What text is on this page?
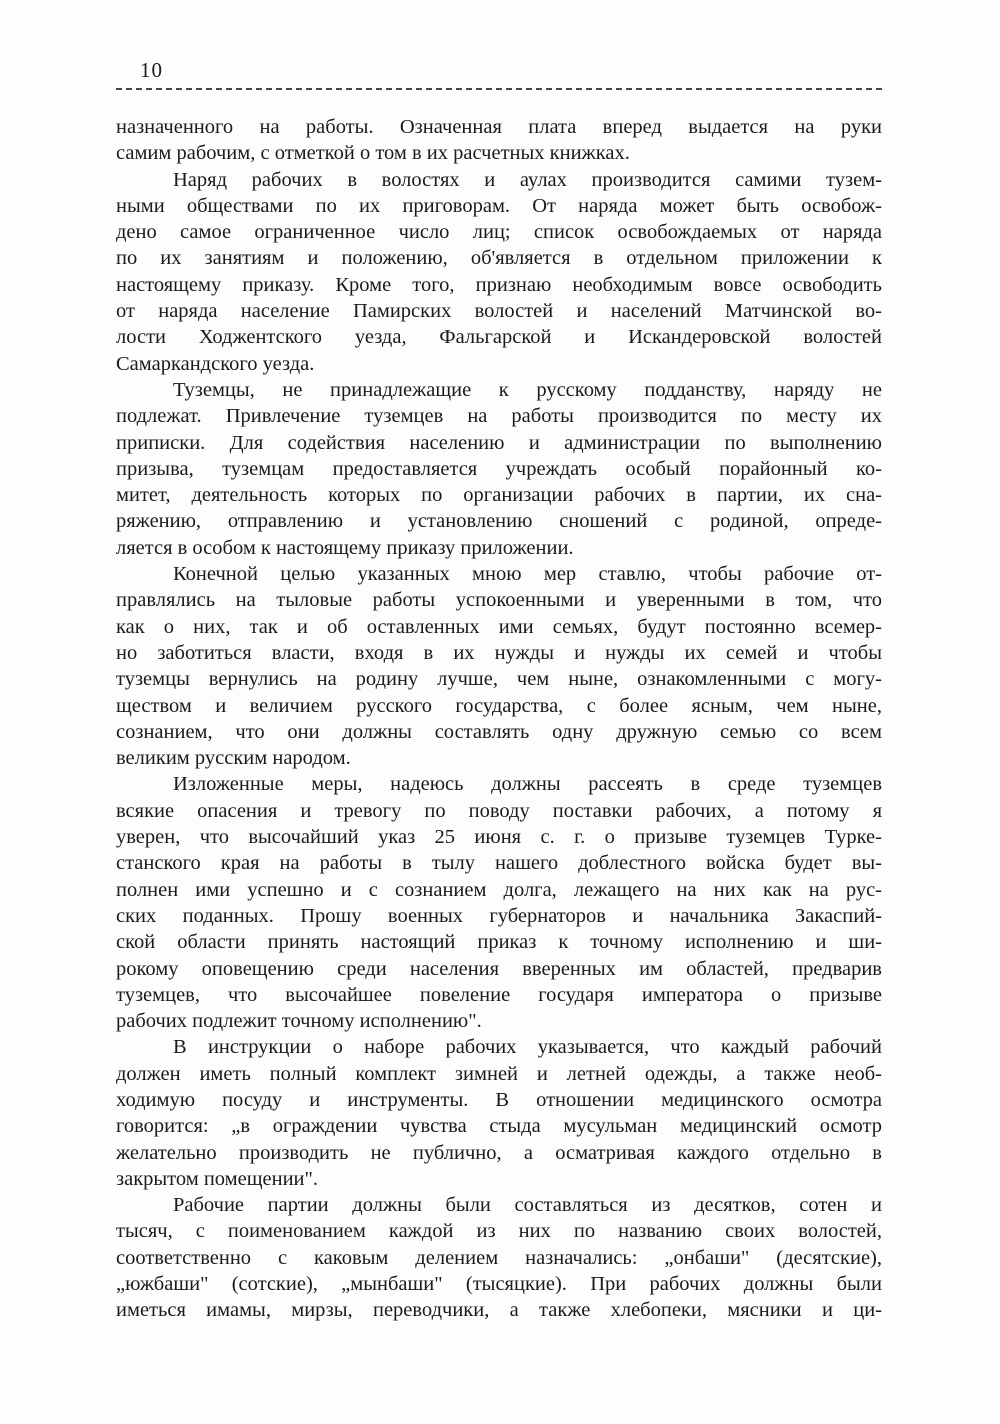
10
назначенного на работы. Означенная плата вперед выдается на руки
самим рабочим, с отметкой о том в их расчетных книжках.
Наряд рабочих в волостях и аулах производится самими тузем-
ными обществами по их приговорам. От наряда может быть освобож-
дено самое ограниченное число лиц; список освобождаемых от наряда
по их занятиям и положению, об'является в отдельном приложении к
настоящему приказу. Кроме того, признаю необходимым вовсе освободить
от наряда население Памирских волостей и населений Матчинской во-
лости Ходжентского уезда, Фальгарской и Искандеровской волостей
Самаркандского уезда.
Туземцы, не принадлежащие к русскому подданству, наряду не
подлежат. Привлечение туземцев на работы производится по месту их
приписки. Для содействия населению и администрации по выполнению
призыва, туземцам предоставляется учреждать особый порайонный ко-
митет, деятельность которых по организации рабочих в партии, их сна-
ряжению, отправлению и установлению сношений с родиной, опреде-
ляется в особом к настоящему приказу приложении.
Конечной целью указанных мною мер ставлю, чтобы рабочие от-
правлялись на тыловые работы успокоенными и уверенными в том, что
как о них, так и об оставленных ими семьях, будут постоянно всемер-
но заботиться власти, входя в их нужды и нужды их семей и чтобы
туземцы вернулись на родину лучше, чем ныне, ознакомленными с могу-
ществом и величием русского государства, с более ясным, чем ныне,
сознанием, что они должны составлять одну дружную семью со всем
великим русским народом.
Изложенные меры, надеюсь должны рассеять в среде туземцев
всякие опасения и тревогу по поводу поставки рабочих, а потому я
уверен, что высочайший указ 25 июня с. г. о призыве туземцев Турке-
станского края на работы в тылу нашего доблестного войска будет вы-
полнен ими успешно и с сознанием долга, лежащего на них как на рус-
ских поданных. Прошу военных губернаторов и начальника Закаспий-
ской области принять настоящий приказ к точному исполнению и ши-
рокому оповещению среди населения вверенных им областей, предварив
туземцев, что высочайшее повеление государя императора о призыве
рабочих подлежит точному исполнению".
В инструкции о наборе рабочих указывается, что каждый рабочий
должен иметь полный комплект зимней и летней одежды, а также необ-
ходимую посуду и инструменты. В отношении медицинского осмотра
говорится: „в ограждении чувства стыда мусульман медицинский осмотр
желательно производить не публично, а осматривая каждого отдельно в
закрытом помещении".
Рабочие партии должны были составляться из десятков, сотен и
тысяч, с поименованием каждой из них по названию своих волостей,
соответственно с каковым делением назначались: „онбаши" (десятские),
„южбаши" (сотские), „мынбаши" (тысяцкие). При рабочих должны были
иметься имамы, мирзы, переводчики, а также хлебопеки, мясники и ци-
